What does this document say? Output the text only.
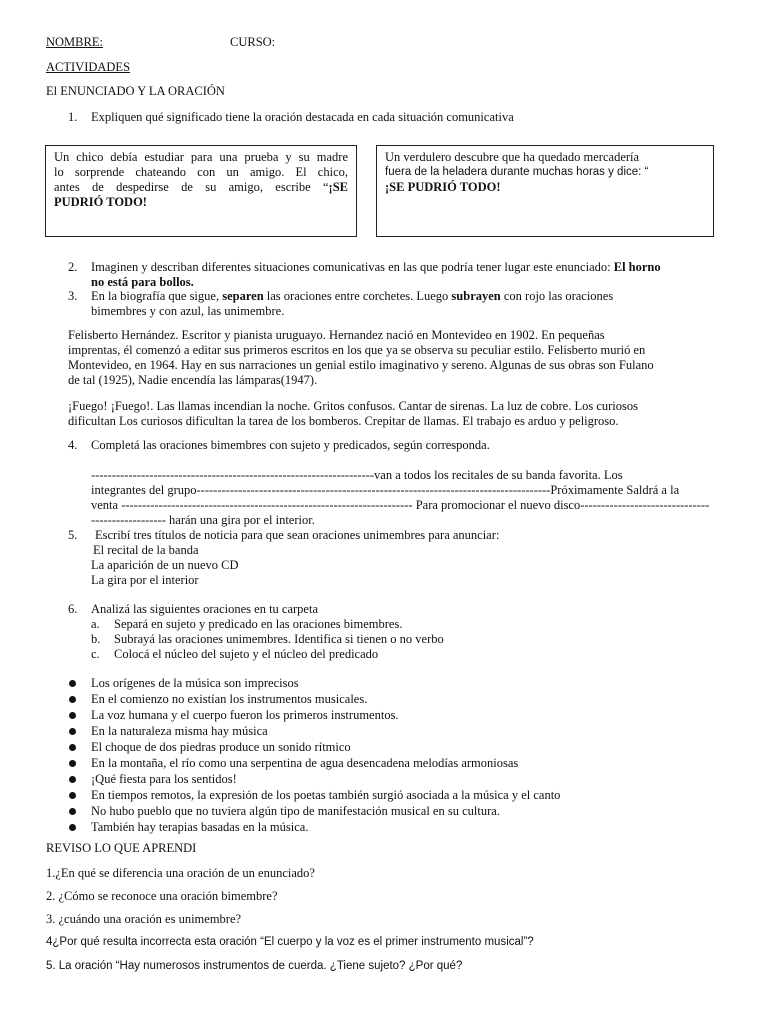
NOMBRE:	CURSO:
ACTIVIDADES
El ENUNCIADO Y LA ORACIÓN
1. Expliquen qué significado tiene la oración destacada en cada situación comunicativa
Un chico debía estudiar para una prueba y su madre
lo sorprende chateando con un amigo. El chico,
antes de despedirse de su amigo, escribe “¡SE
PUDRIÓ TODO!
Un verdulero descubre que ha quedado mercadería
fuera de la heladera durante muchas horas y dice: “
¡SE PUDRIÓ TODO!
2. Imaginen y describan diferentes situaciones comunicativas en las que podría tener lugar este enunciado: El horno
no está para bollos.
3. En la biografía que sigue, separen las oraciones entre corchetes. Luego subrayen con rojo las oraciones
bimembres y con azul, las unimembre.
Felisberto Hernández. Escritor y pianista uruguayo. Hernandez nació en Montevideo en 1902. En pequeñas
imprentas, él comenzó a editar sus primeros escritos en los que ya se observa su peculiar estilo. Felisberto murió en
Montevideo, en 1964. Hay en sus narraciones un genial estilo imaginativo y sereno. Algunas de sus obras son Fulano
de tal (1925), Nadie encendía las lámparas(1947).
¡Fuego! ¡Fuego!. Las llamas incendian la noche. Gritos confusos. Cantar de sirenas. La luz de cobre. Los curiosos
dificultan Los curiosos dificultan la tarea de los bomberos. Crepitar de llamas. El trabajo es arduo y peligroso.
4. Completá las oraciones bimembres con sujeto y predicados, según corresponda.
--------------------------------------------------------------------van a todos los recitales de su banda favorita. Los
integrantes del grupo-------------------------------------------------------------------------------------Próximamente Saldrá a la
venta ---------------------------------------------------------------------- Para promocionar el nuevo disco-------------------------------
------------------ harán una gira por el interior.
5. Escribí tres títulos de noticia para que sean oraciones unimembres para anunciar:
El recital de la banda
La aparición de un nuevo CD
La gira por el interior
6. Analizá las siguientes oraciones en tu carpeta
a. Separá en sujeto y predicado en las oraciones bimembres.
b. Subrayá las oraciones unimembres. Identifica si tienen o no verbo
c. Colocá el núcleo del sujeto y el núcleo del predicado
Los orígenes de la música son imprecisos
En el comienzo no existían los instrumentos musicales.
La voz humana y el cuerpo fueron los primeros instrumentos.
En la naturaleza misma hay música
El choque de dos piedras produce un sonido rítmico
En la montaña, el río como una serpentina de agua desencadena melodías armoniosas
¡Qué fiesta para los sentidos!
En tiempos remotos, la expresión de los poetas también surgió asociada a la música y el canto
No hubo pueblo que no tuviera algún tipo de manifestación musical en su cultura.
También hay terapias basadas en la música.
REVISO LO QUE APRENDI
1.¿En qué se diferencia una oración de un enunciado?
2. ¿Cómo se reconoce una oración bimembre?
3. ¿cuándo una oración es unimembre?
4¿Por qué resulta incorrecta esta oración “El cuerpo y la voz es el primer instrumento musical”?
5. La oración “Hay numerosos instrumentos de cuerda. ¿Tiene sujeto? ¿Por qué?
